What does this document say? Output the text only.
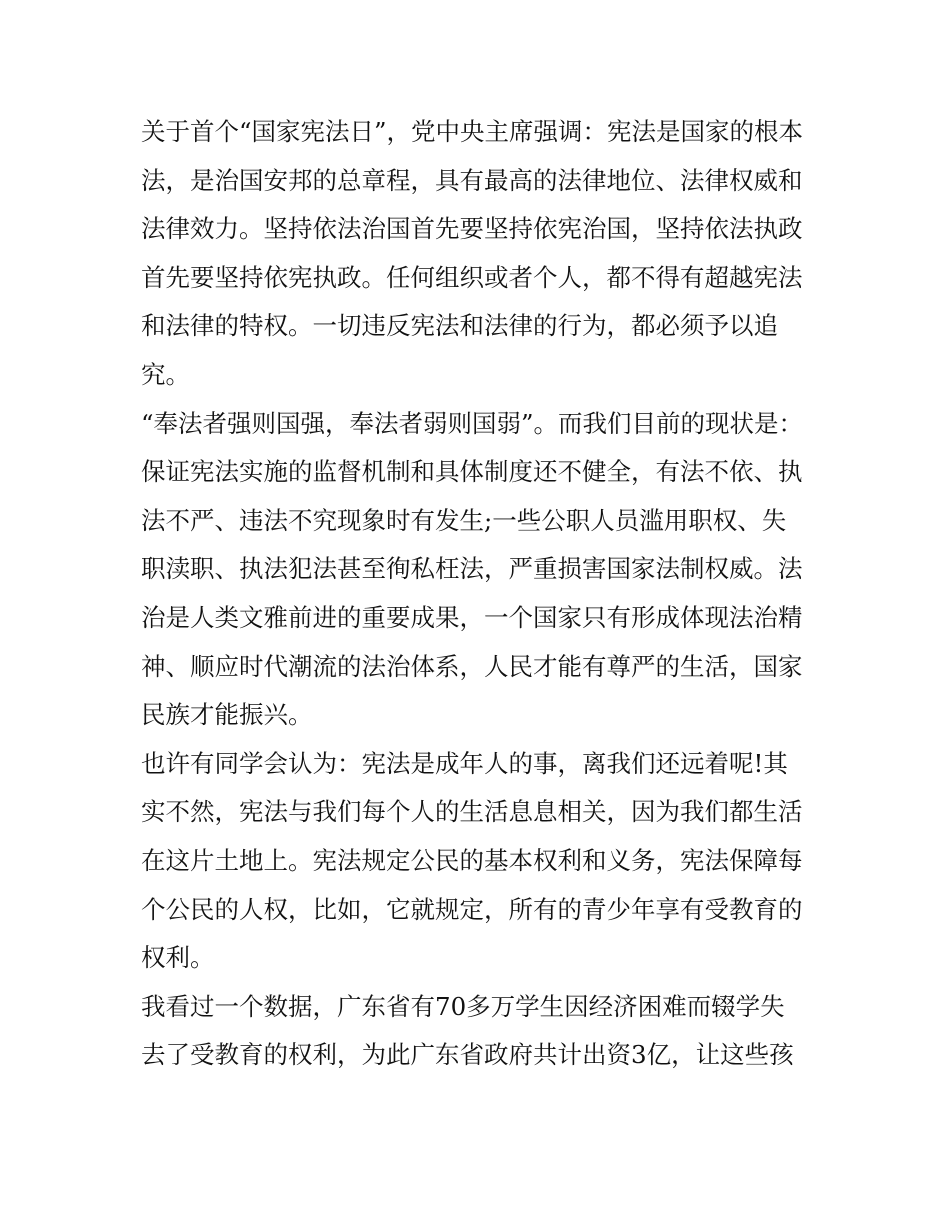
关于首个“国家宪法日”，党中央主席强调：宪法是国家的根本
法，是治国安邦的总章程，具有最高的法律地位、法律权威和
法律效力。坚持依法治国首先要坚持依宪治国，坚持依法执政
首先要坚持依宪执政。任何组织或者个人，都不得有超越宪法
和法律的特权。一切违反宪法和法律的行为，都必须予以追
究。
“奉法者强则国强，奉法者弱则国弱”。而我们目前的现状是：
保证宪法实施的监督机制和具体制度还不健全，有法不依、执
法不严、违法不究现象时有发生;一些公职人员滥用职权、失
职渎职、执法犯法甚至徇私枉法，严重损害国家法制权威。法
治是人类文雅前进的重要成果，一个国家只有形成体现法治精
神、顺应时代潮流的法治体系，人民才能有尊严的生活，国家
民族才能振兴。
也许有同学会认为：宪法是成年人的事，离我们还远着呢!其
实不然，宪法与我们每个人的生活息息相关，因为我们都生活
在这片土地上。宪法规定公民的基本权利和义务，宪法保障每
个公民的人权，比如，它就规定，所有的青少年享有受教育的
权利。
我看过一个数据，广东省有70多万学生因经济困难而辍学失
去了受教育的权利，为此广东省政府共计出资3亿，让这些孩
